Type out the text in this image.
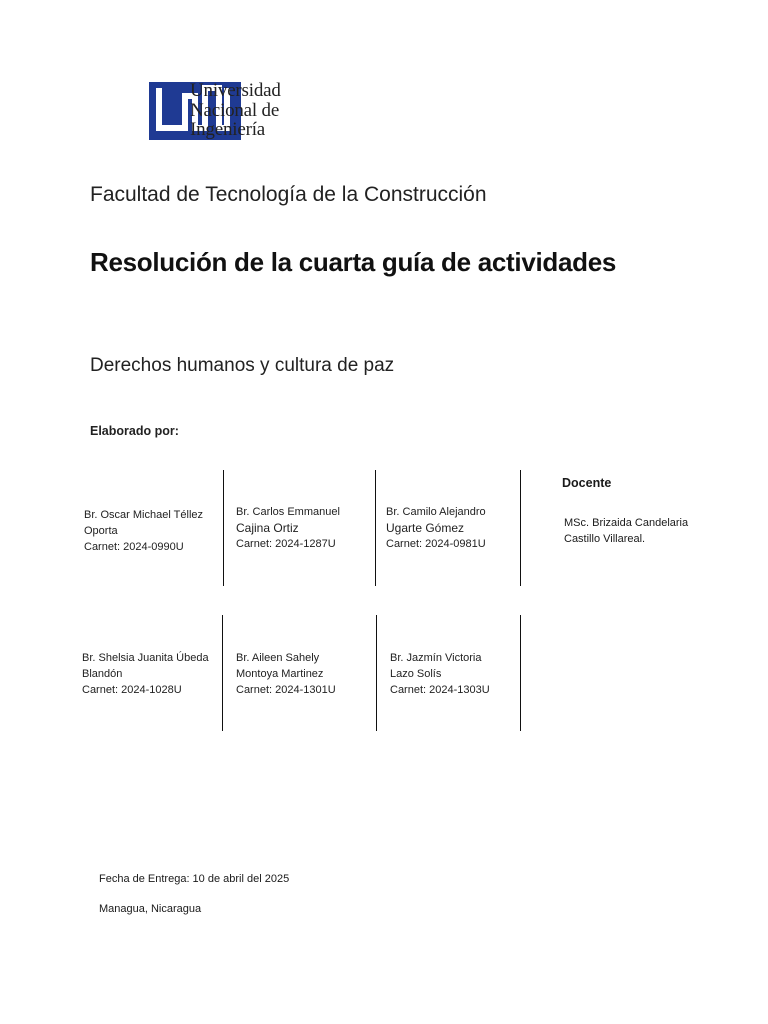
Universidad
Nacional de
Ingeniería
Facultad de Tecnología de la Construcción
Resolución de la cuarta guía de actividades
Derechos humanos y cultura de paz
Elaborado por:
Br. Oscar Michael Téllez
Oporta
Carnet: 2024-0990U
Br. Carlos Emmanuel
Cajina Ortiz
Carnet: 2024-1287U
Br. Camilo Alejandro
Ugarte Gómez
Carnet: 2024-0981U
Docente
MSc. Brizaida Candelaria
Castillo Villareal.
Br. Shelsia Juanita Úbeda
Blandón
Carnet: 2024-1028U
Br. Aileen Sahely
Montoya Martinez
Carnet: 2024-1301U
Br. Jazmín Victoria
Lazo Solís
Carnet: 2024-1303U
Fecha de Entrega: 10 de abril del 2025
Managua, Nicaragua
